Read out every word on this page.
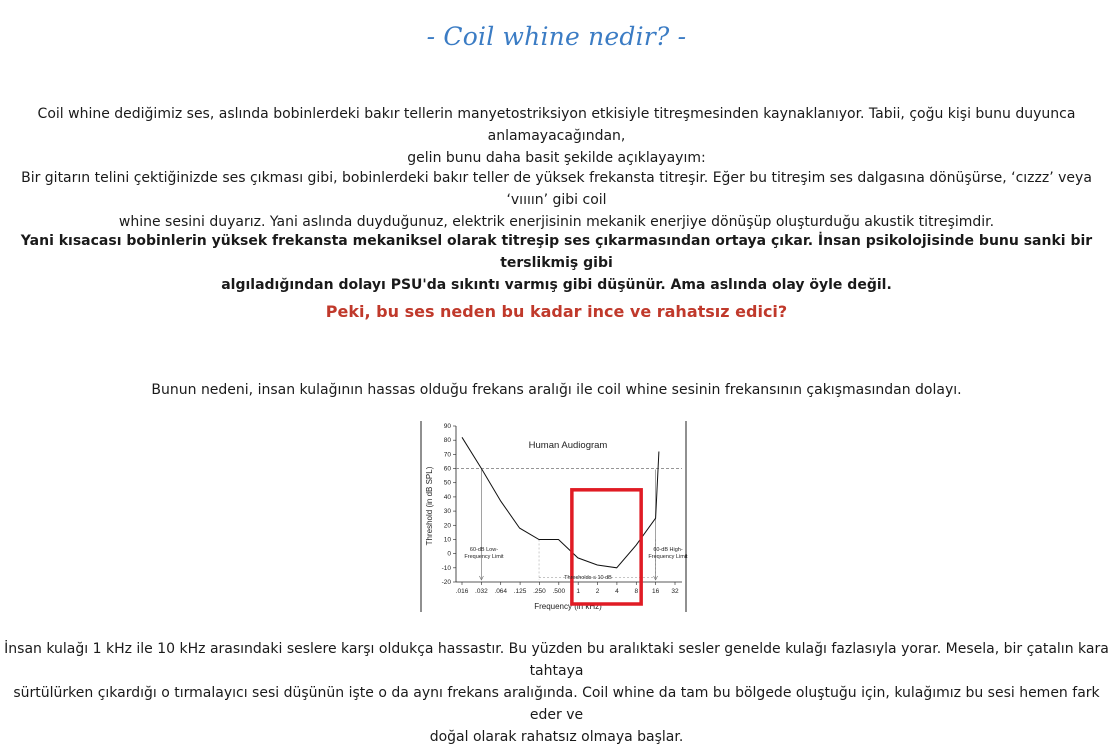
- Coil whine nedir? -

Coil whine dediğimiz ses, aslında bobinlerdeki bakır tellerin manyetostriksiyon etkisiyle titreşmesinden kaynaklanıyor. Tabii, çoğu kişi bunu duyunca anlamayacağından,
gelin bunu daha basit şekilde açıklayayım:

Bir gitarın telini çektiğinizde ses çıkması gibi, bobinlerdeki bakır teller de yüksek frekansta titreşir. Eğer bu titreşim ses dalgasına dönüşürse, ‘cızzz’ veya ‘vıııın’ gibi coil
whine sesini duyarız. Yani aslında duyduğunuz, elektrik enerjisinin mekanik enerjiye dönüşüp oluşturduğu akustik titreşimdir.

Yani kısacası bobinlerin yüksek frekansta mekaniksel olarak titreşip ses çıkarmasından ortaya çıkar. İnsan psikolojisinde bunu sanki bir terslikmiş gibi
algıladığından dolayı PSU'da sıkıntı varmış gibi düşünür. Ama aslında olay öyle değil.

Peki, bu ses neden bu kadar ince ve rahatsız edici?

Bunun nedeni, insan kulağının hassas olduğu frekans aralığı ile coil whine sesinin frekansının çakışmasından dolayı.

Human Audiogram
Threshold (in dB SPL)
Frequency (in kHz)
90
80
70
60
50
40
30
20
10
0
-10
-20
.016 .032 .064 .125 .250 .500 1 2 4 8 16 32
60-dB Low-
Frequency Limit
60-dB High-
Frequency Limit
Thresholds ≤ 10 dB

İnsan kulağı 1 kHz ile 10 kHz arasındaki seslere karşı oldukça hassastır. Bu yüzden bu aralıktaki sesler genelde kulağı fazlasıyla yorar. Mesela, bir çatalın kara tahtaya
sürtülürken çıkardığı o tırmalayıcı sesi düşünün işte o da aynı frekans aralığında. Coil whine da tam bu bölgede oluştuğu için, kulağımız bu sesi hemen fark eder ve
doğal olarak rahatsız olmaya başlar.
